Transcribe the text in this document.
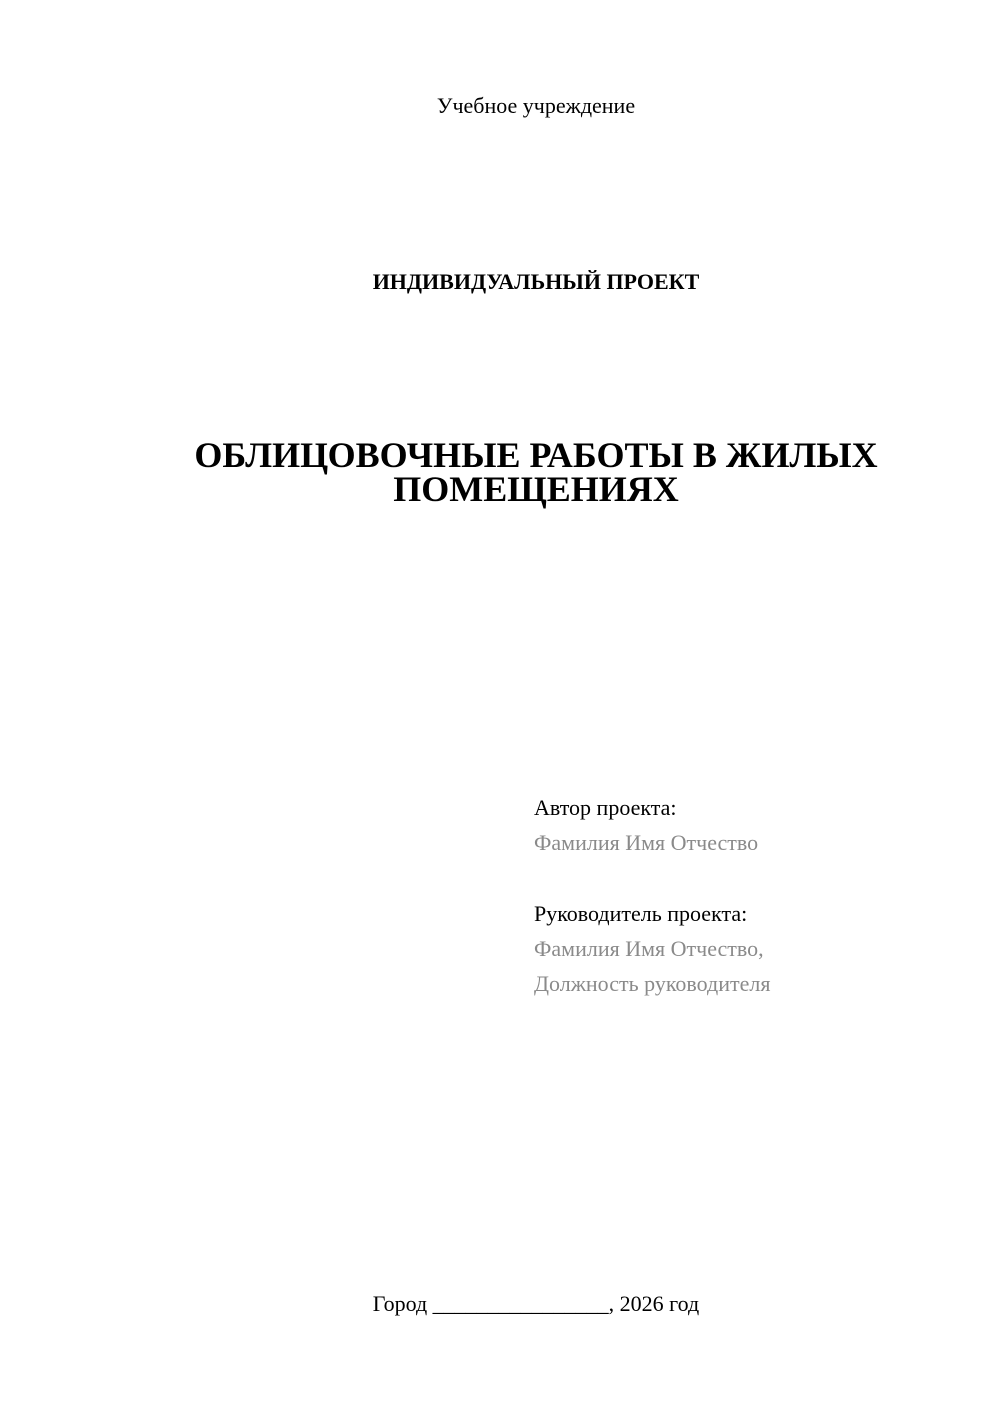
Учебное учреждение
ИНДИВИДУАЛЬНЫЙ ПРОЕКТ
ОБЛИЦОВОЧНЫЕ РАБОТЫ В ЖИЛЫХ
ПОМЕЩЕНИЯХ
Автор проекта:
Фамилия Имя Отчество
Руководитель проекта:
Фамилия Имя Отчество,
Должность руководителя
Город ________________, 2026 год
